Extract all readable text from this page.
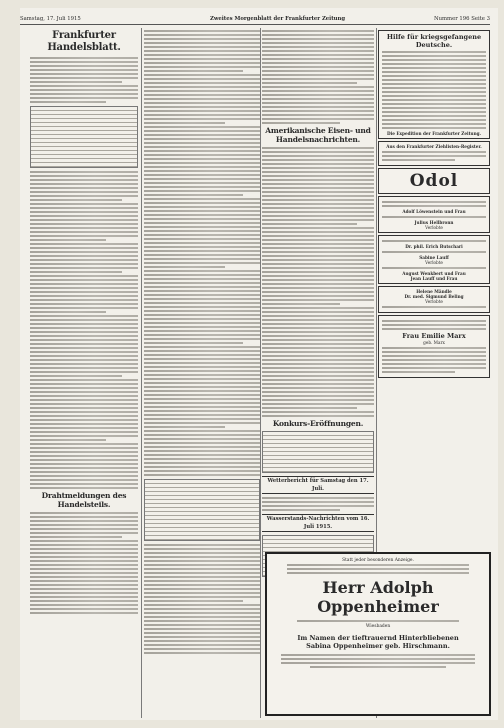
Samstag, 17. Juli 1915	Zweites Morgenblatt der Frankfurter Zeitung	Nummer 196 Seite 3
Frankfurter Handelsblatt.
Drahtmeldungen des Handelsteils.
Amerikanische Eisen- und Handelsnachrichten.
Konkurs-Eröffnungen.
Wetterbericht für Samstag den 17. Juli.
Wasserstands-Nachrichten vom 16. Juli 1915.
Hilfe für kriegsgefangene Deutsche.
Die Expedition der Frankfurter Zeitung.
Aus den Frankfurter Ziehlisten-Register.
Odol
Adolf Löwenstein und Frau
Julius Hellbronn
Verlobte
Dr. phil. Erich Butschari
Sabine Lauff
Verlobte
August Wenkbert und Frau
Jean Lauff und Frau
Helene Mändle
Dr. med. Sigmund Beling
Verlobte
Frau Emilie Marx
geb. Marx
Statt jeder besonderen Anzeige.
Herr Adolph Oppenheimer
Wiesbaden
Im Namen der tieftrauernd Hinterbliebenen
Sabina Oppenheimer geb. Hirschmann.
